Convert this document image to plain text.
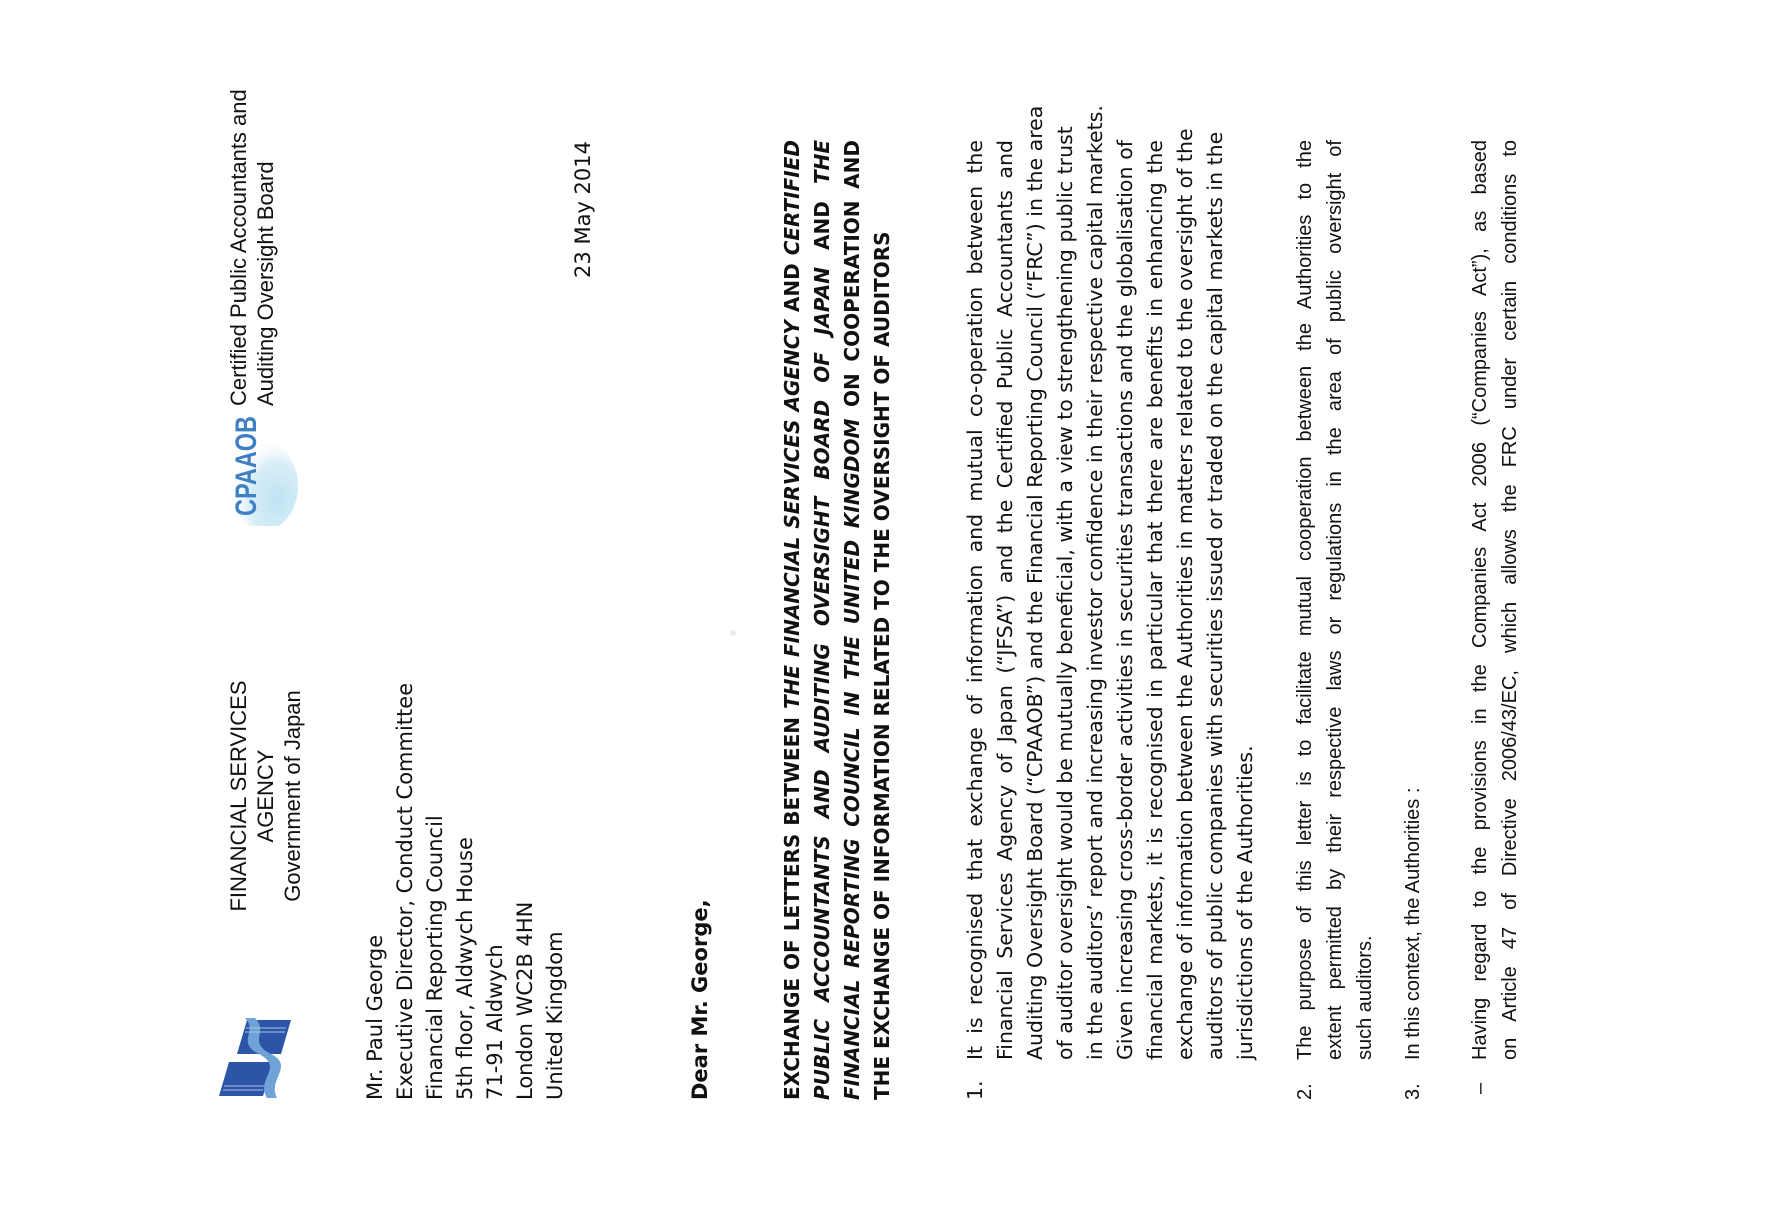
FINANCIAL SERVICES AGENCY Government of Japan
CPAAOB
Certified Public Accountants and Auditing Oversight Board
Mr. Paul George Executive Director, Conduct Committee Financial Reporting Council 5th floor, Aldwych House 71-91 Aldwych London WC2B 4HN United Kingdom
23 May 2014
Dear Mr. George,	EXCHANGE OF LETTERS BETWEEN THE FINANCIAL SERVICES AGENCY AND CERTIFIED PUBLIC ACCOUNTANTS AND AUDITING OVERSIGHT BOARD OF JAPAN AND THE FINANCIAL REPORTING COUNCIL IN THE UNITED KINGDOM ON COOPERATION AND THE EXCHANGE OF INFORMATION RELATED TO THE OVERSIGHT OF AUDITORS	1.
It is recognised that exchange of information and mutual co-operation between the Financial Services Agency of Japan (“JFSA”) and the Certified Public Accountants and Auditing Oversight Board (“CPAAOB”) and the Financial Reporting Council (“FRC”) in the area of auditor oversight would be mutually beneficial, with a view to strengthening public trust in the auditors’ report and increasing investor confidence in their respective capital markets. Given increasing cross-border activities in securities transactions and the globalisation of financial markets, it is recognised in particular that there are benefits in enhancing the exchange of information between the Authorities in matters related to the oversight of the auditors of public companies with securities issued or traded on the capital markets in the jurisdictions of the Authorities.
2.
The purpose of this letter is to facilitate mutual cooperation between the Authorities to the extent permitted by their respective laws or regulations in the area of public oversight of such auditors.
3.
In this context, the Authorities :
–
Having regard to the provisions in the Companies Act 2006 (“Companies Act”), as based on Article 47 of Directive 2006/43/EC, which allows the FRC under certain conditions to
